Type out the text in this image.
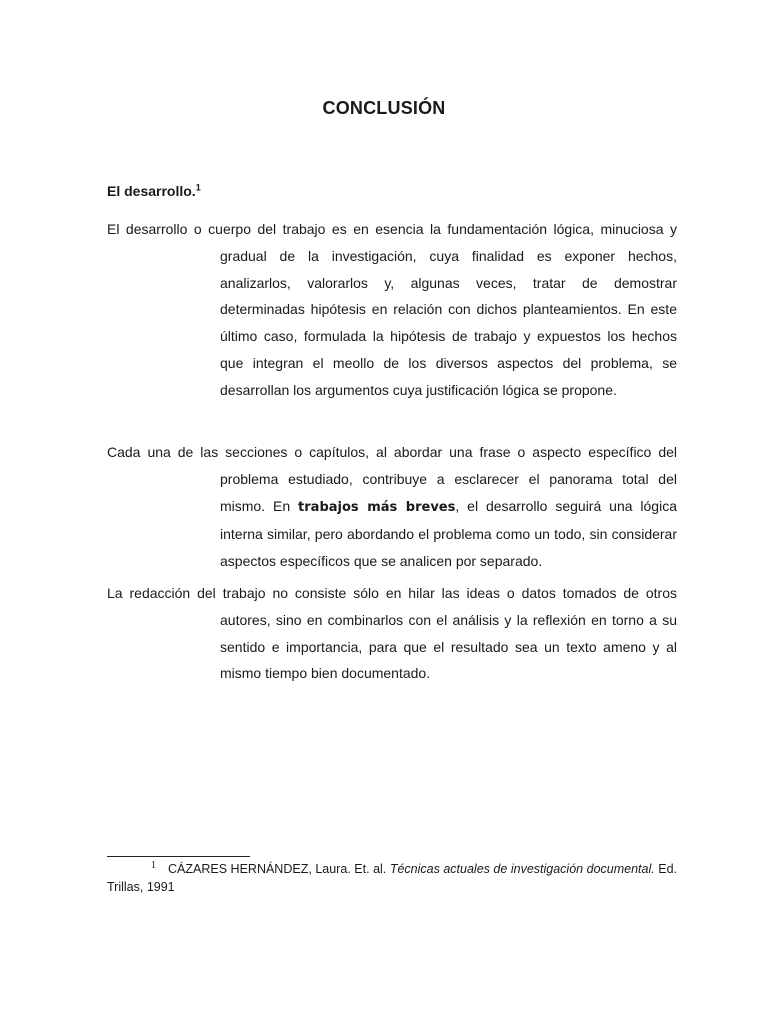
CONCLUSIÓN
El desarrollo.$^1$

El desarrollo o cuerpo del trabajo es en esencia la fundamentación lógica, minuciosa y gradual de la investigación, cuya finalidad es exponer hechos, analizarlos, valorarlos y, algunas veces, tratar de demostrar determinadas hipótesis en relación con dichos planteamientos. En este último caso, formulada la hipótesis de trabajo y expuestos los hechos que integran el meollo de los diversos aspectos del problema, se desarrollan los argumentos cuya justificación lógica se propone.

Cada una de las secciones o capítulos, al abordar una frase o aspecto específico del problema estudiado, contribuye a esclarecer el panorama total del mismo. En trabajos más breves, el desarrollo seguirá una lógica interna similar, pero abordando el problema como un todo, sin considerar aspectos específicos que se analicen por separado.

La redacción del trabajo no consiste sólo en hilar las ideas o datos tomados de otros autores, sino en combinarlos con el análisis y la reflexión en torno a su sentido e importancia, para que el resultado sea un texto ameno y al mismo tiempo bien documentado.

$^1$ CÁZARES HERNÁNDEZ, Laura. Et. al. Técnicas actuales de investigación documental. Ed. Trillas, 1991
